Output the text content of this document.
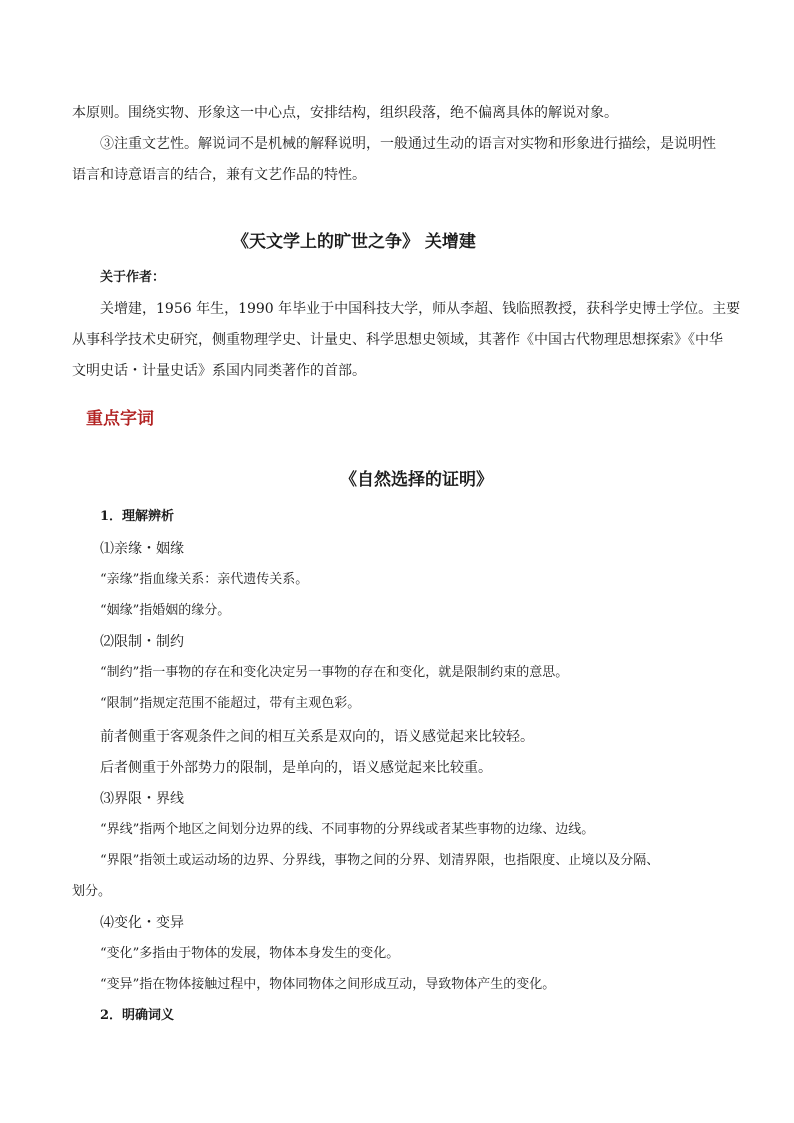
本原则。围绕实物、形象这一中心点，安排结构，组织段落，绝不偏离具体的解说对象。
③注重文艺性。解说词不是机械的解释说明，一般通过生动的语言对实物和形象进行描绘，是说明性
语言和诗意语言的结合，兼有文艺作品的特性。
《天文学上的旷世之争》 关增建
关于作者：
关增建，1956 年生，1990 年毕业于中国科技大学，师从李超、钱临照教授，获科学史博士学位。主要
从事科学技术史研究，侧重物理学史、计量史、科学思想史领域，其著作《中国古代物理思想探索》《中华
文明史话・计量史话》系国内同类著作的首部。
重点字词
《自然选择的证明》
1．理解辨析
⑴亲缘・姻缘
“亲缘”指血缘关系：亲代遗传关系。
“姻缘”指婚姻的缘分。
⑵限制・制约
“制约”指一事物的存在和变化决定另一事物的存在和变化，就是限制约束的意思。
“限制”指规定范围不能超过，带有主观色彩。
前者侧重于客观条件之间的相互关系是双向的，语义感觉起来比较轻。
后者侧重于外部势力的限制，是单向的，语义感觉起来比较重。
⑶界限・界线
“界线”指两个地区之间划分边界的线、不同事物的分界线或者某些事物的边缘、边线。
“界限”指领土或运动场的边界、分界线，事物之间的分界、划清界限，也指限度、止境以及分隔、
划分。
⑷变化・变异
“变化”多指由于物体的发展，物体本身发生的变化。
“变异”指在物体接触过程中，物体同物体之间形成互动，导致物体产生的变化。
2．明确词义
